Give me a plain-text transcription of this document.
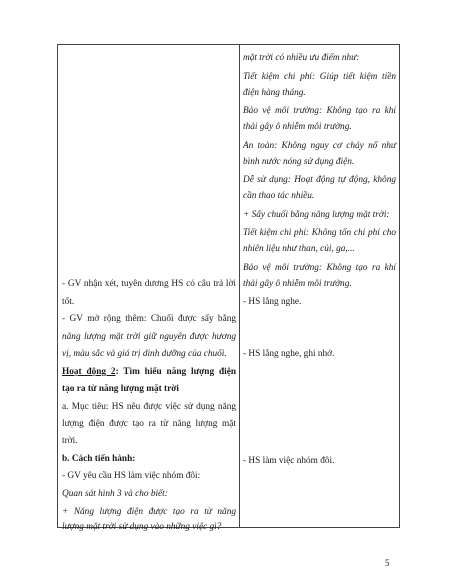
mặt trời có nhiều ưu điểm như:
Tiết kiệm chi phí: Giúp tiết kiệm tiền
điện hàng tháng.
Bảo vệ môi trường: Không tạo ra khí
thải gây ô nhiễm môi trường.
An toàn: Không nguy cơ cháy nổ như
bình nước nóng sử dụng điện.
Dễ sử dụng: Hoạt động tự động, không
cần thao tác nhiều.
+ Sấy chuối bằng năng lượng mặt trời:
Tiết kiệm chi phí: Không tốn chi phí cho
nhiên liệu như than, củi, ga,...
Bảo vệ môi trường: Không tạo ra khí
thải gây ô nhiễm môi trường.
- HS lắng nghe.
- HS lắng nghe, ghi nhớ.
- HS làm việc nhóm đôi.
- GV nhận xét, tuyên dương HS có câu trả lời
tốt.
- GV mở rộng thêm: Chuối được sấy bằng
năng lượng mặt trời giữ nguyên được hương
vị, màu sắc và giá trị dinh dưỡng của chuối.
Hoạt động 2: Tìm hiểu năng lượng điện
tạo ra từ năng lượng mặt trời
a. Mục tiêu: HS nêu được việc sử dụng năng
lượng điện được tạo ra từ năng lượng mặt
trời.
b. Cách tiến hành:
- GV yêu cầu HS làm việc nhóm đôi:
Quan sát hình 3 và cho biết:
+ Năng lượng điện được tạo ra từ năng
lượng mặt trời sử dụng vào những việc gì?
5
